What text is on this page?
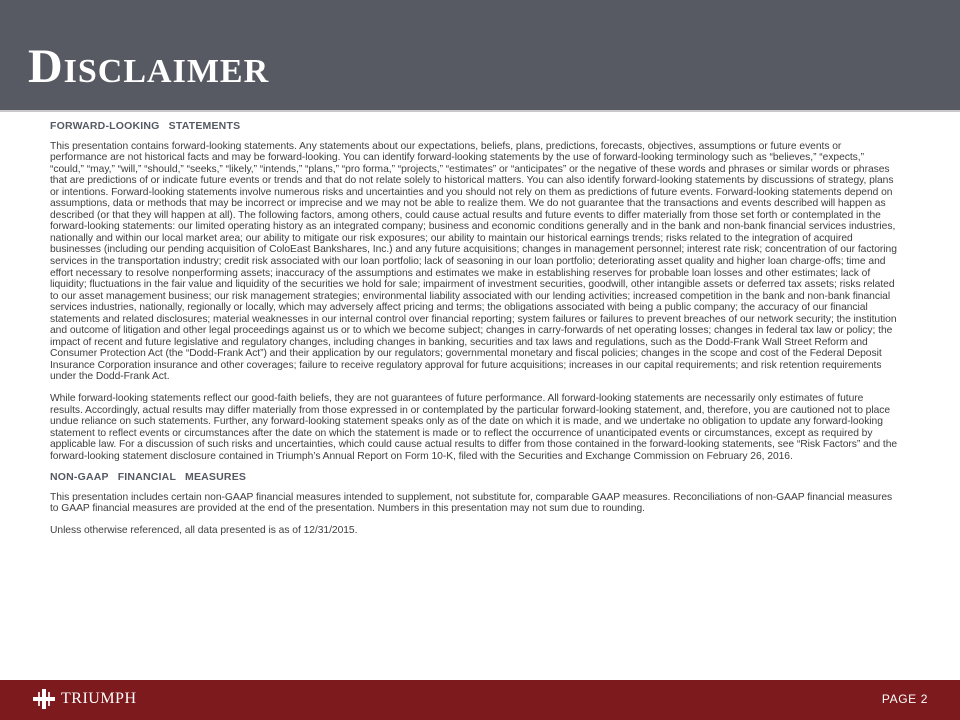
Disclaimer
FORWARD-LOOKING STATEMENTS

This presentation contains forward-looking statements. Any statements about our expectations, beliefs, plans, predictions, forecasts, objectives, assumptions or future events or performance are not historical facts and may be forward-looking. You can identify forward-looking statements by the use of forward-looking terminology such as “believes,” “expects,” “could,” “may,” “will,” “should,” “seeks,” “likely,” “intends,” “plans,” “pro forma,” “projects,” “estimates” or “anticipates” or the negative of these words and phrases or similar words or phrases that are predictions of or indicate future events or trends and that do not relate solely to historical matters. You can also identify forward-looking statements by discussions of strategy, plans or intentions. Forward-looking statements involve numerous risks and uncertainties and you should not rely on them as predictions of future events. Forward-looking statements depend on assumptions, data or methods that may be incorrect or imprecise and we may not be able to realize them. We do not guarantee that the transactions and events described will happen as described (or that they will happen at all). The following factors, among others, could cause actual results and future events to differ materially from those set forth or contemplated in the forward-looking statements: our limited operating history as an integrated company; business and economic conditions generally and in the bank and non-bank financial services industries, nationally and within our local market area; our ability to mitigate our risk exposures; our ability to maintain our historical earnings trends; risks related to the integration of acquired businesses (including our pending acquisition of ColoEast Bankshares, Inc.) and any future acquisitions; changes in management personnel; interest rate risk; concentration of our factoring services in the transportation industry; credit risk associated with our loan portfolio; lack of seasoning in our loan portfolio; deteriorating asset quality and higher loan charge-offs; time and effort necessary to resolve nonperforming assets; inaccuracy of the assumptions and estimates we make in establishing reserves for probable loan losses and other estimates; lack of liquidity; fluctuations in the fair value and liquidity of the securities we hold for sale; impairment of investment securities, goodwill, other intangible assets or deferred tax assets; risks related to our asset management business; our risk management strategies; environmental liability associated with our lending activities; increased competition in the bank and non-bank financial services industries, nationally, regionally or locally, which may adversely affect pricing and terms; the obligations associated with being a public company; the accuracy of our financial statements and related disclosures; material weaknesses in our internal control over financial reporting; system failures or failures to prevent breaches of our network security; the institution and outcome of litigation and other legal proceedings against us or to which we become subject; changes in carry-forwards of net operating losses; changes in federal tax law or policy; the impact of recent and future legislative and regulatory changes, including changes in banking, securities and tax laws and regulations, such as the Dodd-Frank Wall Street Reform and Consumer Protection Act (the “Dodd-Frank Act”) and their application by our regulators; governmental monetary and fiscal policies; changes in the scope and cost of the Federal Deposit Insurance Corporation insurance and other coverages; failure to receive regulatory approval for future acquisitions; increases in our capital requirements; and risk retention requirements under the Dodd-Frank Act.

While forward-looking statements reflect our good-faith beliefs, they are not guarantees of future performance. All forward-looking statements are necessarily only estimates of future results. Accordingly, actual results may differ materially from those expressed in or contemplated by the particular forward-looking statement, and, therefore, you are cautioned not to place undue reliance on such statements. Further, any forward-looking statement speaks only as of the date on which it is made, and we undertake no obligation to update any forward-looking statement to reflect events or circumstances after the date on which the statement is made or to reflect the occurrence of unanticipated events or circumstances, except as required by applicable law. For a discussion of such risks and uncertainties, which could cause actual results to differ from those contained in the forward-looking statements, see “Risk Factors” and the forward-looking statement disclosure contained in Triumph’s Annual Report on Form 10-K, filed with the Securities and Exchange Commission on February 26, 2016.

NON-GAAP FINANCIAL MEASURES

This presentation includes certain non-GAAP financial measures intended to supplement, not substitute for, comparable GAAP measures. Reconciliations of non-GAAP financial measures to GAAP financial measures are provided at the end of the presentation. Numbers in this presentation may not sum due to rounding.

Unless otherwise referenced, all data presented is as of 12/31/2015.

TRIUMPH	PAGE 2
